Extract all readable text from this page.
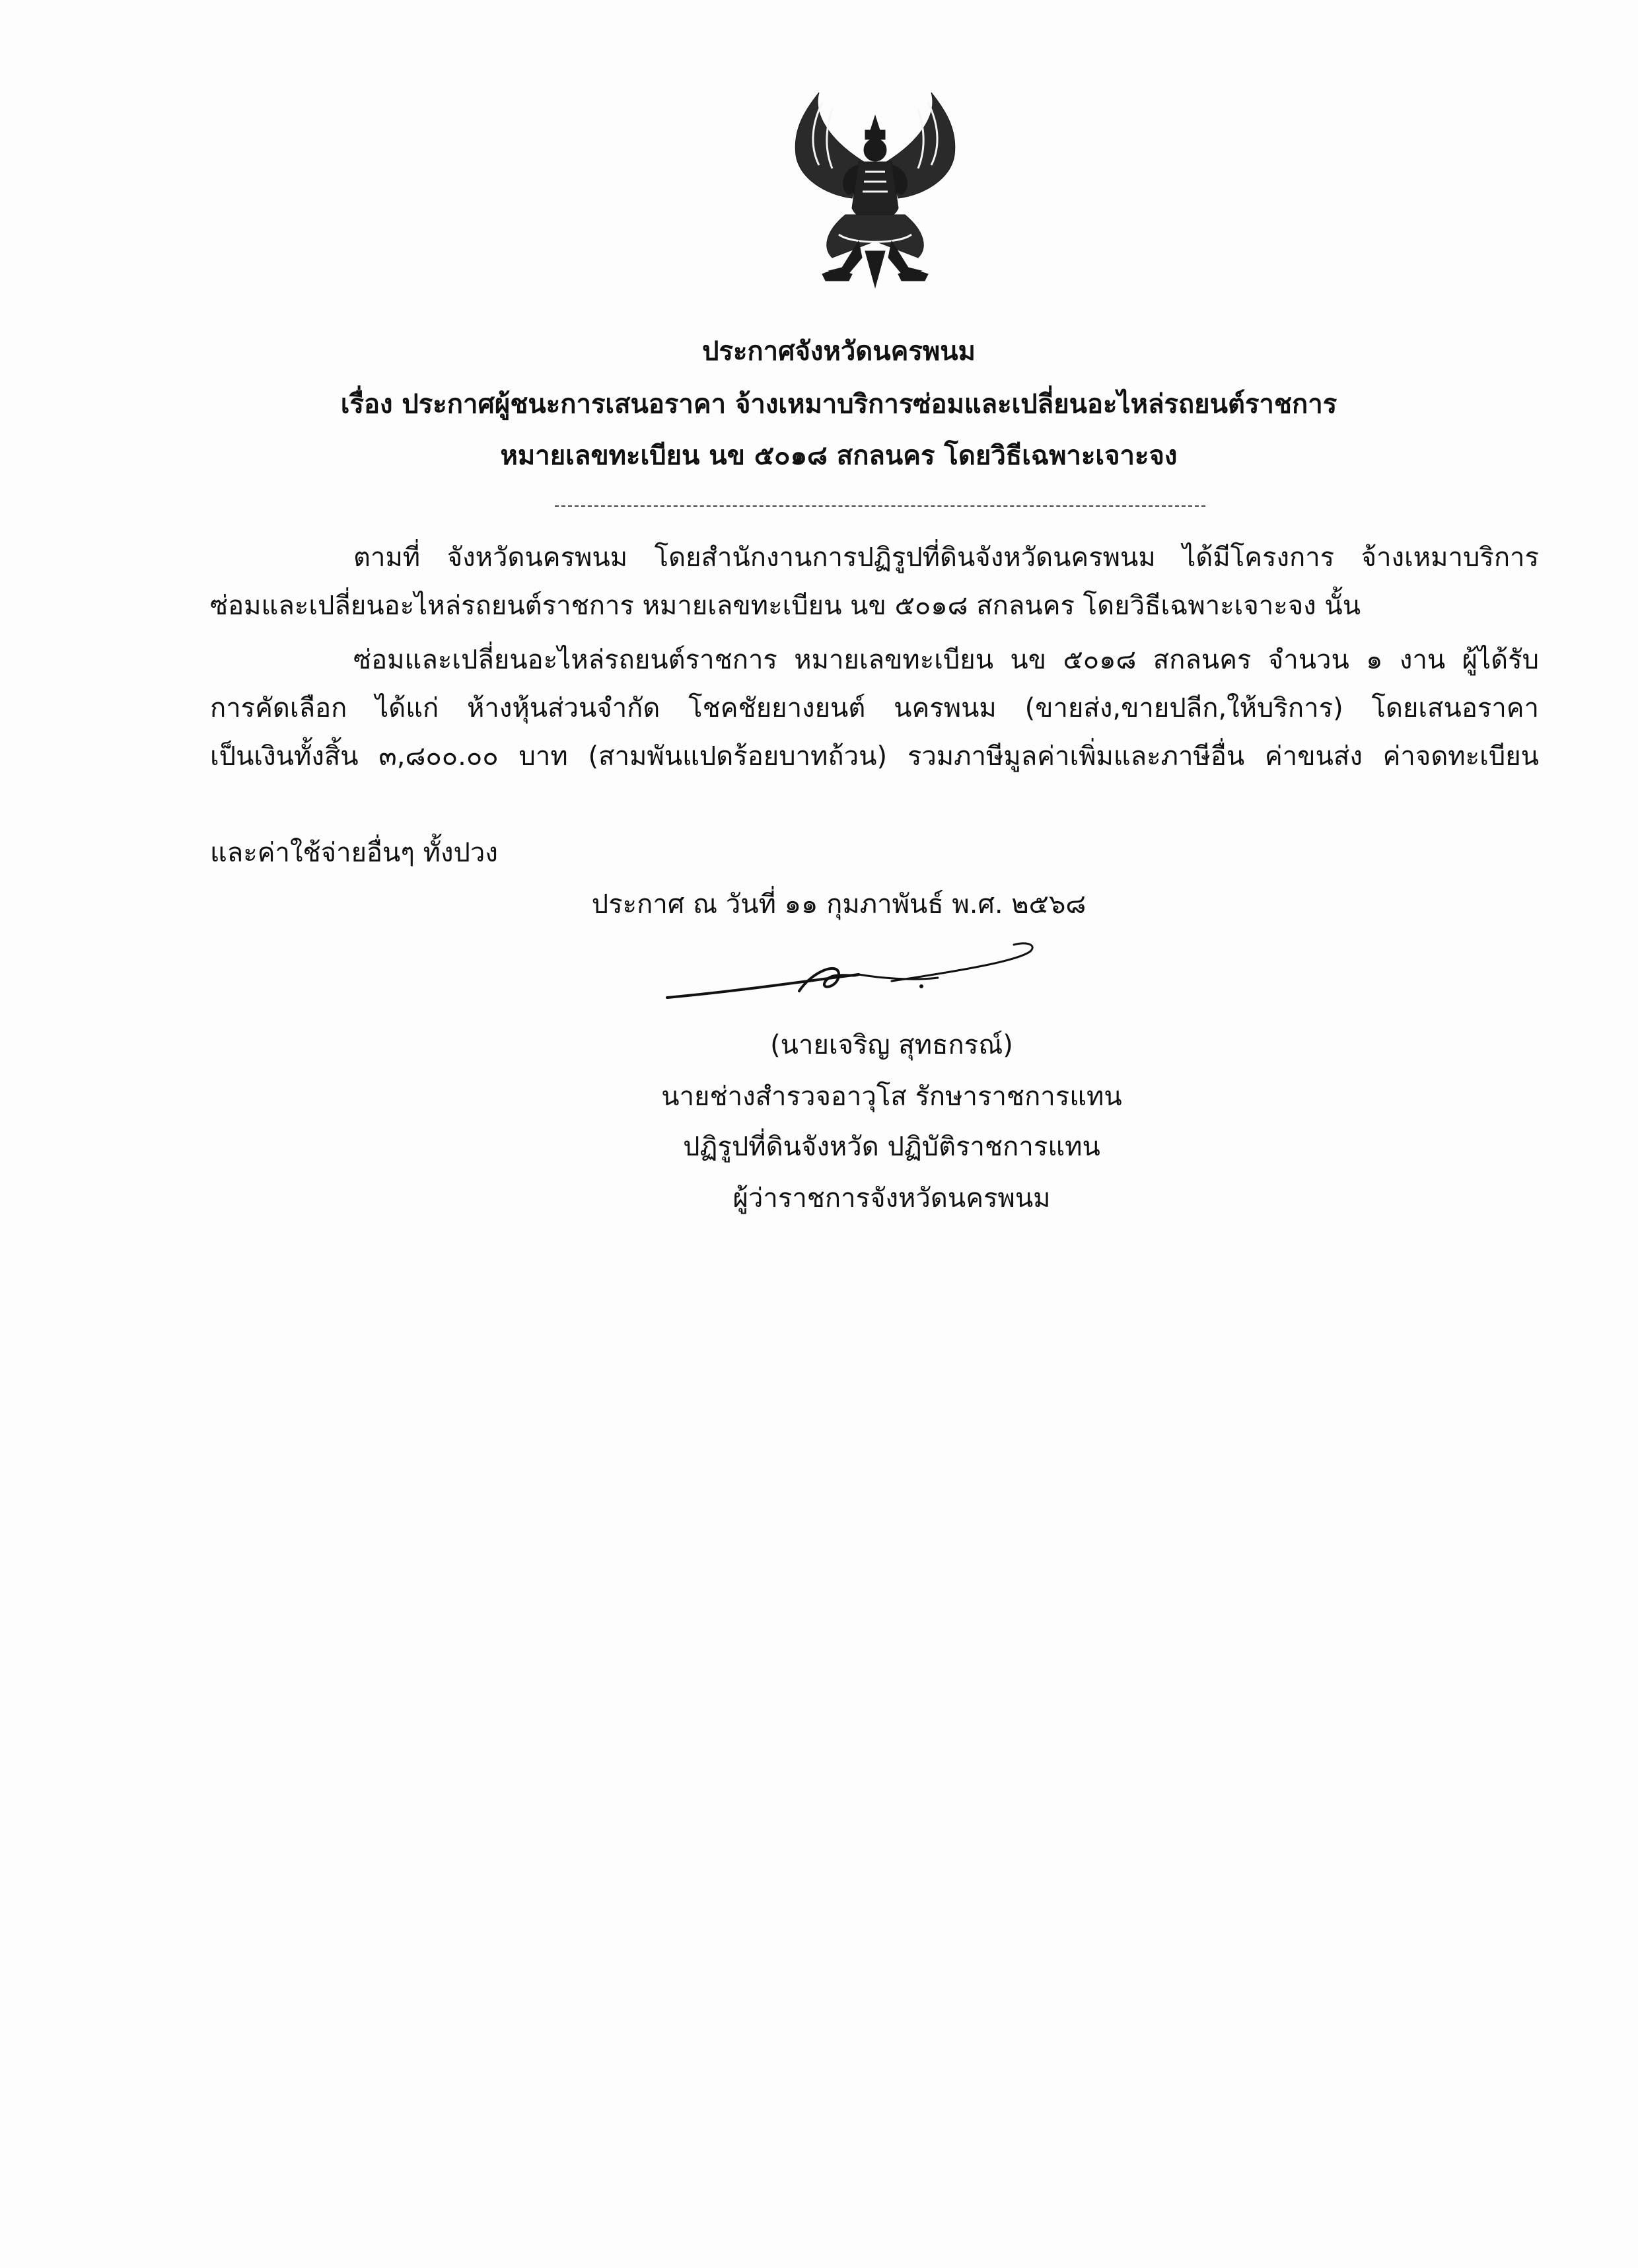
ประกาศจังหวัดนครพนม
เรื่อง ประกาศผู้ชนะการเสนอราคา จ้างเหมาบริการซ่อมและเปลี่ยนอะไหล่รถยนต์ราชการ
หมายเลขทะเบียน นข ๕๐๑๘ สกลนคร โดยวิธีเฉพาะเจาะจง
ตามที่ จังหวัดนครพนม โดยสำนักงานการปฏิรูปที่ดินจังหวัดนครพนม ได้มีโครงการ จ้างเหมาบริการ
ซ่อมและเปลี่ยนอะไหล่รถยนต์ราชการ หมายเลขทะเบียน นข ๕๐๑๘ สกลนคร โดยวิธีเฉพาะเจาะจง นั้น
ซ่อมและเปลี่ยนอะไหล่รถยนต์ราชการ หมายเลขทะเบียน นข ๕๐๑๘ สกลนคร จำนวน ๑ งาน ผู้ได้รับ
การคัดเลือก ได้แก่ ห้างหุ้นส่วนจำกัด โชคชัยยางยนต์ นครพนม (ขายส่ง,ขายปลีก,ให้บริการ) โดยเสนอราคา
เป็นเงินทั้งสิ้น ๓,๘๐๐.๐๐ บาท (สามพันแปดร้อยบาทถ้วน) รวมภาษีมูลค่าเพิ่มและภาษีอื่น ค่าขนส่ง ค่าจดทะเบียน
และค่าใช้จ่ายอื่นๆ ทั้งปวง
ประกาศ ณ วันที่ ๑๑ กุมภาพันธ์ พ.ศ. ๒๕๖๘
(นายเจริญ สุทธกรณ์)
นายช่างสำรวจอาวุโส รักษาราชการแทน
ปฏิรูปที่ดินจังหวัด ปฏิบัติราชการแทน
ผู้ว่าราชการจังหวัดนครพนม
